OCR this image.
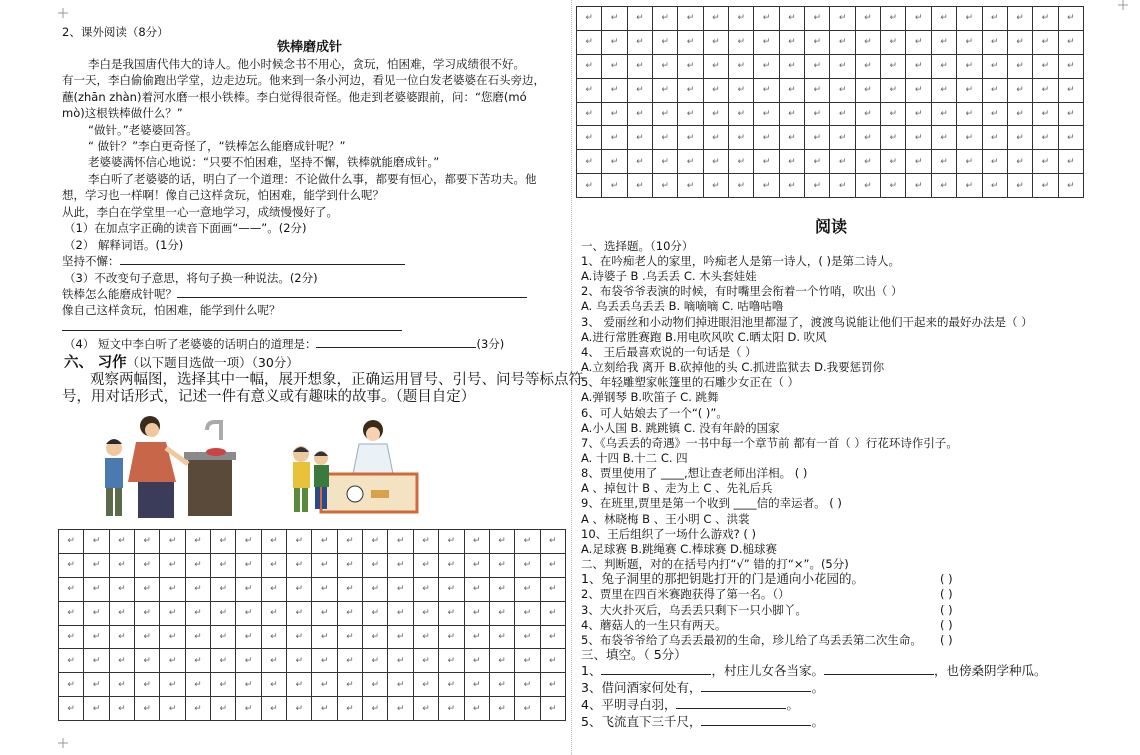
2、课外阅读（8分）
铁棒磨成针
李白是我国唐代伟大的诗人。他小时候念书不用心，贪玩，怕困难，学习成绩很不好。
有一天，李白偷偷跑出学堂，边走边玩。他来到一条小河边，看见一位白发老婆婆在石头旁边，
蘸(zhān zhàn)着河水磨一根小铁棒。李白觉得很奇怪。他走到老婆婆跟前，问：“您磨(mó
mò)这根铁棒做什么？”
“做针。”老婆婆回答。
“ 做针？”李白更奇怪了，“铁棒怎么能磨成针呢？”
老婆婆满怀信心地说：“只要不怕困难，坚持不懈，铁棒就能磨成针。”
李白听了老婆婆的话，明白了一个道理：不论做什么事，都要有恒心，都要下苦功夫。他
想，学习也一样啊！像自己这样贪玩，怕困难，能学到什么呢？
从此，李白在学堂里一心一意地学习，成绩慢慢好了。
（1）在加点字正确的读音下面画“——”。(2分)
（2） 解释词语。(1分)
坚持不懈：
（3）不改变句子意思，将句子换一种说法。(2分)
铁棒怎么能磨成针呢？
像自己这样贪玩，怕困难，能学到什么呢？
（4） 短文中李白听了老婆婆的话明白的道理是：	(3分)
六、 习作（以下题目选做一项）（30分）
观察两幅图，选择其中一幅，展开想象，正确运用冒号、引号、问号等标点符
号，用对话形式，记述一件有意义或有趣味的故事。（题目自定）
↵	↵	↵	↵	↵	↵	↵	↵	↵	↵	↵	↵	↵	↵	↵	↵	↵	↵	↵	↵
↵	↵	↵	↵	↵	↵	↵	↵	↵	↵	↵	↵	↵	↵	↵	↵	↵	↵	↵	↵
↵	↵	↵	↵	↵	↵	↵	↵	↵	↵	↵	↵	↵	↵	↵	↵	↵	↵	↵	↵
↵	↵	↵	↵	↵	↵	↵	↵	↵	↵	↵	↵	↵	↵	↵	↵	↵	↵	↵	↵
↵	↵	↵	↵	↵	↵	↵	↵	↵	↵	↵	↵	↵	↵	↵	↵	↵	↵	↵	↵
↵	↵	↵	↵	↵	↵	↵	↵	↵	↵	↵	↵	↵	↵	↵	↵	↵	↵	↵	↵
↵	↵	↵	↵	↵	↵	↵	↵	↵	↵	↵	↵	↵	↵	↵	↵	↵	↵	↵	↵
↵	↵	↵	↵	↵	↵	↵	↵	↵	↵	↵	↵	↵	↵	↵	↵	↵	↵	↵	↵
↵	↵	↵	↵	↵	↵	↵	↵	↵	↵	↵	↵	↵	↵	↵	↵	↵	↵	↵	↵
↵	↵	↵	↵	↵	↵	↵	↵	↵	↵	↵	↵	↵	↵	↵	↵	↵	↵	↵	↵
↵	↵	↵	↵	↵	↵	↵	↵	↵	↵	↵	↵	↵	↵	↵	↵	↵	↵	↵	↵
↵	↵	↵	↵	↵	↵	↵	↵	↵	↵	↵	↵	↵	↵	↵	↵	↵	↵	↵	↵
↵	↵	↵	↵	↵	↵	↵	↵	↵	↵	↵	↵	↵	↵	↵	↵	↵	↵	↵	↵
↵	↵	↵	↵	↵	↵	↵	↵	↵	↵	↵	↵	↵	↵	↵	↵	↵	↵	↵	↵
↵	↵	↵	↵	↵	↵	↵	↵	↵	↵	↵	↵	↵	↵	↵	↵	↵	↵	↵	↵
↵	↵	↵	↵	↵	↵	↵	↵	↵	↵	↵	↵	↵	↵	↵	↵	↵	↵	↵	↵
阅读
一、选择题。（10分）
1、在吟痴老人的家里，吟痴老人是第一诗人，( )是第二诗人。
A.诗婆子 B .乌丢丢 C. 木头套娃娃
2、布袋爷爷表演的时候，有时嘴里会衔着一个竹哨，吹出（ ）
A. 乌丢丢乌丢丢 B. 嘀嘀嘀 C. 咕噜咕噜
3、 爱丽丝和小动物们掉进眼泪池里都湿了，渡渡鸟说能让他们干起来的最好办法是（ ）
A.进行常胜赛跑 B.用电吹风吹 C.晒太阳 D. 吹风
4、 王后最喜欢说的一句话是（ ）
A.立刻给我 离开 B.砍掉他的头 C.抓进监狱去 D.我要惩罚你
5、年轻雕塑家帐篷里的石雕少女正在（ ）
A.弹钢琴 B.吹笛子 C. 跳舞
6、可人姑娘去了一个“( )”。
A.小人国 B. 跳跳镇 C. 没有年龄的国家
7、《乌丢丢的奇遇》一书中每一个章节前 都有一首（ ）行花环诗作引子。
A. 十四 B.十二 C. 四
8、贾里使用了 ____,想让查老师出洋相。 ( )
A 、掉包计 B 、走为上 C 、先礼后兵
9、在班里,贾里是第一个收到 ____信的幸运者。 ( )
A 、林晓梅 B 、王小明 C 、洪裳
10、王后组织了一场什么游戏? ( )
A.足球赛 B.跳绳赛 C.棒球赛 D.槌球赛
二、判断题，对的在括号内打“√” 错的打“×”。(5分)
1、兔子洞里的那把钥匙打开的门是通向小花园的。	( )
2、贾里在四百米赛跑获得了第一名。（）	( )
3、大火扑灭后，乌丢丢只剩下一只小脚丫。	( )
4、蘑菇人的一生只有两天。	( )
5、布袋爷爷给了乌丢丢最初的生命，珍儿给了乌丢丢第二次生命。 ( )
三、填空。（ 5分）
1、	，村庄儿女各当家。	，也傍桑阴学种瓜。
3、借问酒家何处有，	。
4、平明寻白羽，	。
5、飞流直下三千尺，	。
